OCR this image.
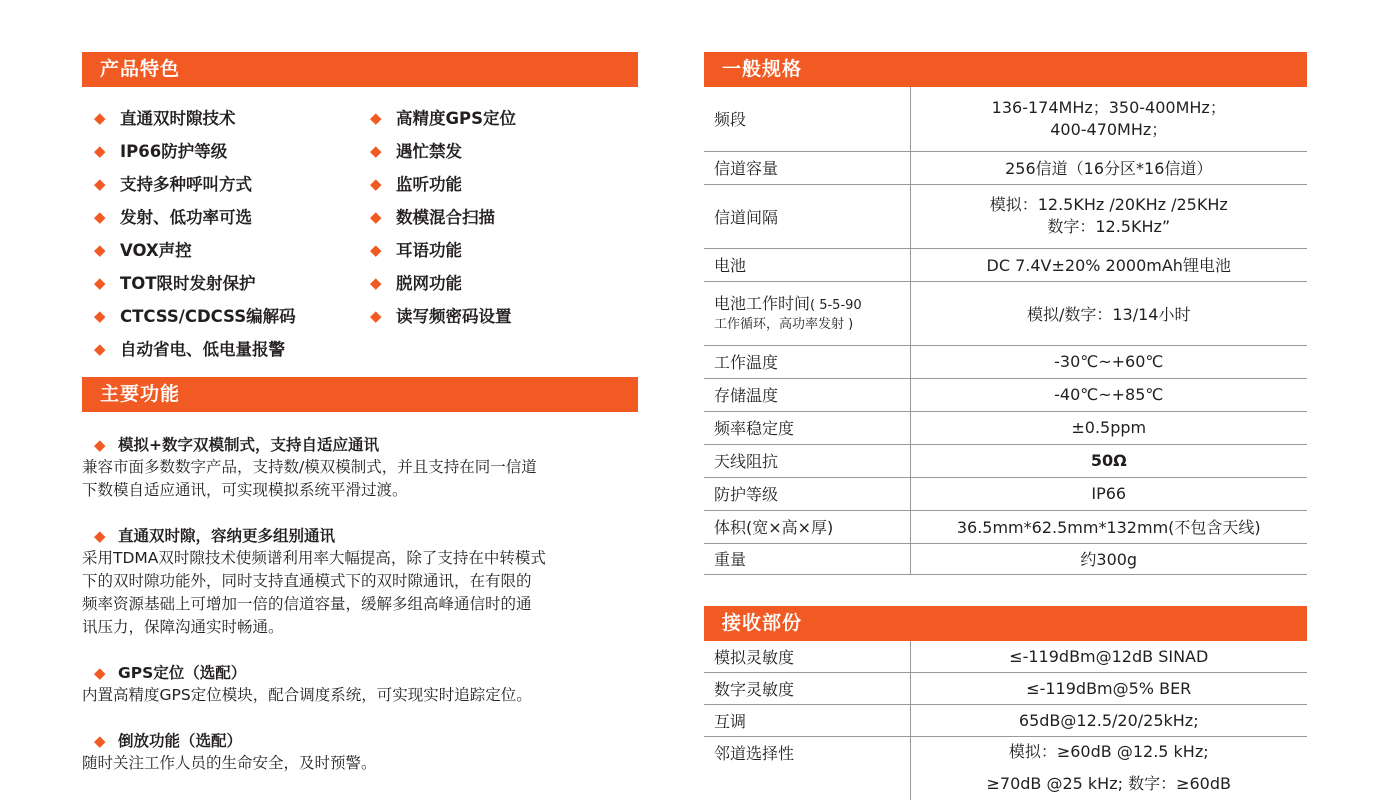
产品特色
◆ 直通双时隙技术
◆ IP66防护等级
◆ 支持多种呼叫方式
◆ 发射、低功率可选
◆ VOX声控
◆ TOT限时发射保护
◆ CTCSS/CDCSS编解码
◆ 自动省电、低电量报警
◆ 高精度GPS定位
◆ 遇忙禁发
◆ 监听功能
◆ 数模混合扫描
◆ 耳语功能
◆ 脱网功能
◆ 读写频密码设置
主要功能
◆ 模拟+数字双模制式，支持自适应通讯
兼容市面多数数字产品，支持数/模双模制式，并且支持在同一信道
下数模自适应通讯，可实现模拟系统平滑过渡。
◆ 直通双时隙，容纳更多组别通讯
采用TDMA双时隙技术使频谱利用率大幅提高，除了支持在中转模式
下的双时隙功能外，同时支持直通模式下的双时隙通讯，在有限的
频率资源基础上可增加一倍的信道容量，缓解多组高峰通信时的通
讯压力，保障沟通实时畅通。
◆ GPS定位（选配）
内置高精度GPS定位模块，配合调度系统，可实现实时追踪定位。
◆ 倒放功能（选配）
随时关注工作人员的生命安全，及时预警。
一般规格
频段	136-174MHz；350-400MHz；
400-470MHz；

信道容量	256信道（16分区*16信道）
信道间隔	模拟：12.5KHz /20KHz /25KHz
数字：12.5KHz”

电池	DC 7.4V±20% 2000mAh锂电池

电池工作时间( 5-5-90
工作循环，高功率发射 )	模拟/数字：13/14小时
工作温度	-30℃~+60℃
存储温度	-40℃~+85℃
频率稳定度	±0.5ppm
天线阻抗	50Ω
防护等级	IP66
体积(宽×高×厚)	36.5mm*62.5mm*132mm(不包含天线)
重量	约300g
接收部份
模拟灵敏度	≤-119dBm@12dB SINAD
数字灵敏度	≤-119dBm@5% BER
互调	65dB@12.5/20/25kHz;
邻道选择性	模拟：≥60dB @12.5 kHz;
≥70dB @25 kHz; 数字：≥60dB
